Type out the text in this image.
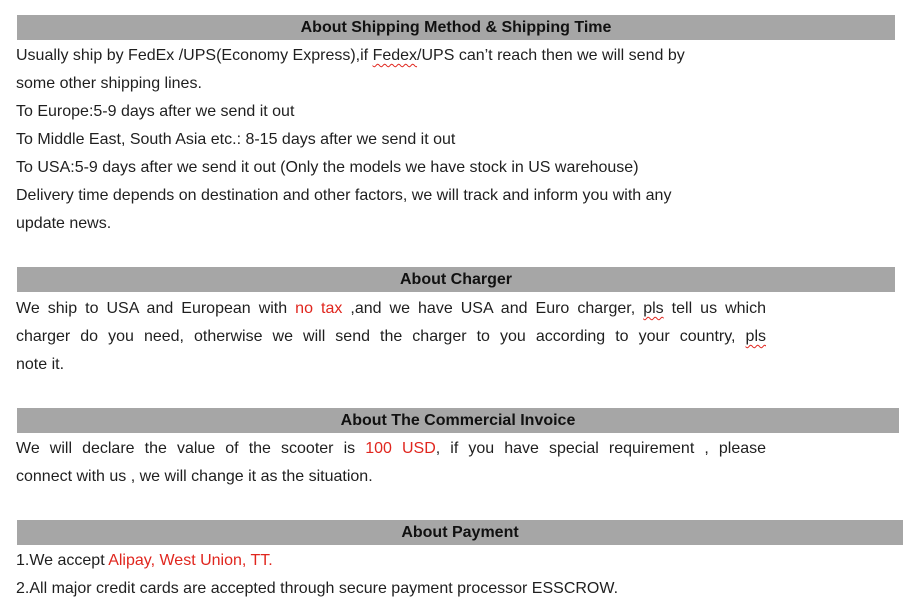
About Shipping Method & Shipping Time
Usually ship by FedEx /UPS(Economy Express),if Fedex/UPS can’t reach then we will send by
some other shipping lines.
To Europe:5-9 days after we send it out
To Middle East, South Asia etc.: 8-15 days after we send it out
To USA:5-9 days after we send it out (Only the models we have stock in US warehouse)
Delivery time depends on destination and other factors, we will track and inform you with any
update news.
About Charger
We ship to USA and European with no tax ,and we have USA and Euro charger, pls tell us which
charger do you need, otherwise we will send the charger to you according to your country, pls
note it.
About The Commercial Invoice
We will declare the value of the scooter is 100 USD, if you have special requirement , please
connect with us , we will change it as the situation.
About Payment
1.We accept Alipay, West Union, TT.
2.All major credit cards are accepted through secure payment processor ESSCROW.
